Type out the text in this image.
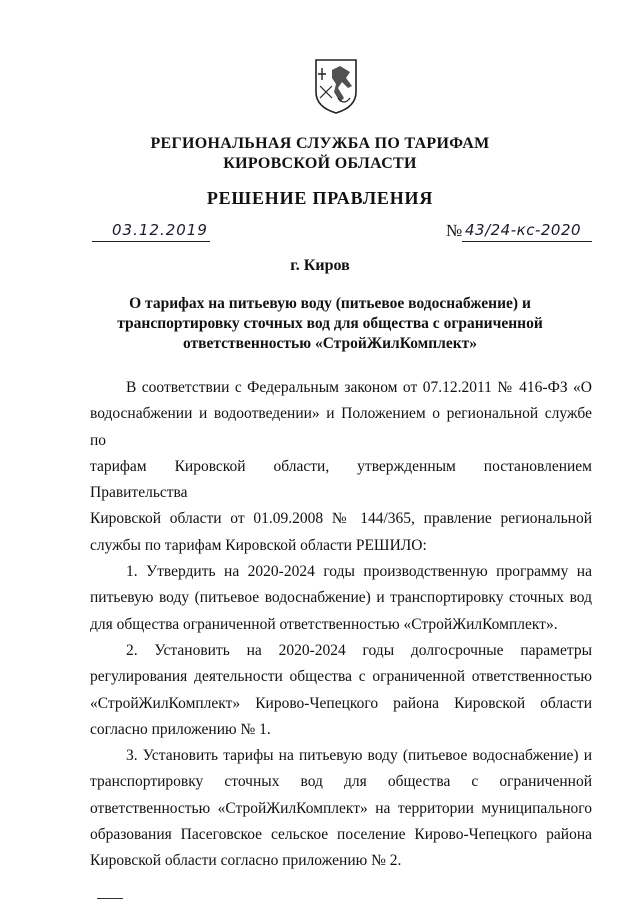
РЕГИОНАЛЬНАЯ СЛУЖБА ПО ТАРИФАМ
КИРОВСКОЙ ОБЛАСТИ
РЕШЕНИЕ ПРАВЛЕНИЯ
03.12.2019	№ 43/24-кс-2020
г. Киров
О тарифах на питьевую воду (питьевое водоснабжение) и
транспортировку сточных вод для общества с ограниченной
ответственностью «СтройЖилКомплект»
В соответствии с Федеральным законом от 07.12.2011 № 416-ФЗ «О
водоснабжении и водоотведении» и Положением о региональной службе по
тарифам Кировской области, утвержденным постановлением Правительства
Кировской области от 01.09.2008 № 144/365, правление региональной
службы по тарифам Кировской области РЕШИЛО:
1. Утвердить на 2020-2024 годы производственную программу на
питьевую воду (питьевое водоснабжение) и транспортировку сточных вод
для общества ограниченной ответственностью «СтройЖилКомплект».
2. Установить на 2020-2024 годы долгосрочные параметры
регулирования деятельности общества с ограниченной ответственностью
«СтройЖилКомплект» Кирово-Чепецкого района Кировской области
согласно приложению № 1.
3. Установить тарифы на питьевую воду (питьевое водоснабжение) и
транспортировку сточных вод для общества с ограниченной
ответственностью «СтройЖилКомплект» на территории муниципального
образования Пасеговское сельское поселение Кирово-Чепецкого района
Кировской области согласно приложению № 2.
